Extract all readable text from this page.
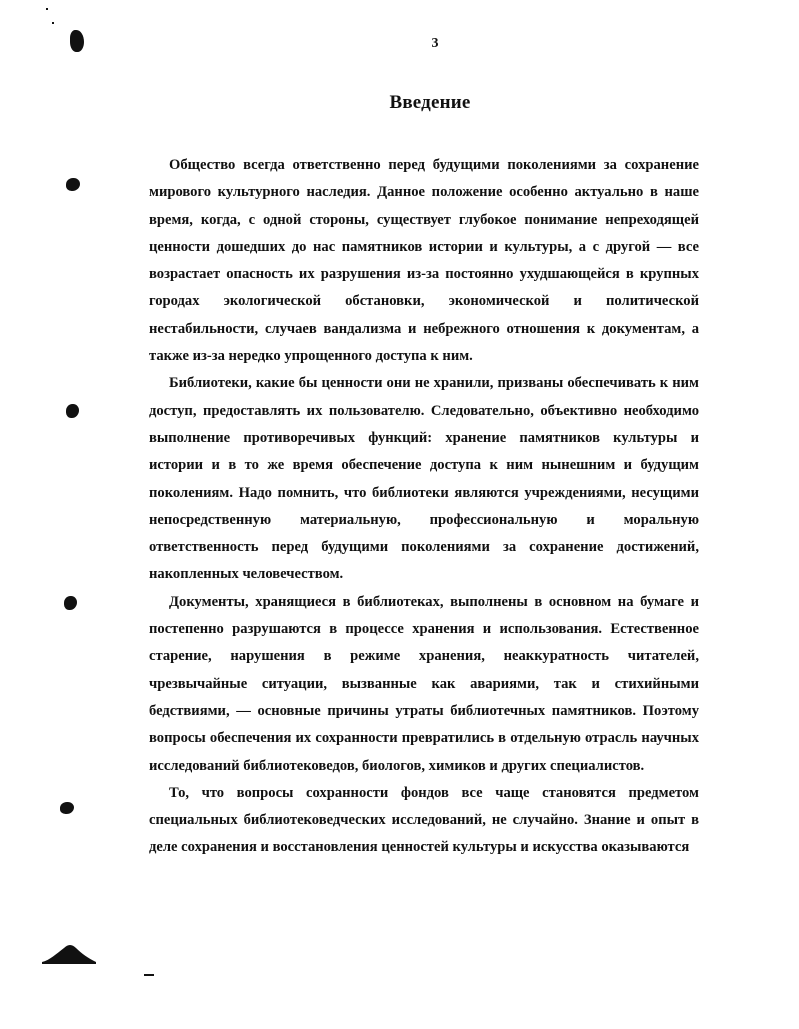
3
Введение

Общество всегда ответственно перед будущими поколениями за сохранение мирового культурного наследия. Данное положение особенно актуально в наше время, когда, с одной стороны, существует глубокое понимание непреходящей ценности дошедших до нас памятников истории и культуры, а с другой — все возрастает опасность их разрушения из-за постоянно ухудшающейся в крупных городах экологической обстановки, экономической и политической нестабильности, случаев вандализма и небрежного отношения к документам, а также из-за нередко упрощенного доступа к ним.

Библиотеки, какие бы ценности они не хранили, призваны обеспечивать к ним доступ, предоставлять их пользователю. Следовательно, объективно необходимо выполнение противоречивых функций: хранение памятников культуры и истории и в то же время обеспечение доступа к ним нынешним и будущим поколениям. Надо помнить, что библиотеки являются учреждениями, несущими непосредственную материальную, профессиональную и моральную ответственность перед будущими поколениями за сохранение достижений, накопленных человечеством.

Документы, хранящиеся в библиотеках, выполнены в основном на бумаге и постепенно разрушаются в процессе хранения и использования. Естественное старение, нарушения в режиме хранения, неаккуратность читателей, чрезвычайные ситуации, вызванные как авариями, так и стихийными бедствиями, — основные причины утраты библиотечных памятников. Поэтому вопросы обеспечения их сохранности превратились в отдельную отрасль научных исследований библиотековедов, биологов, химиков и других специалистов.

То, что вопросы сохранности фондов все чаще становятся предметом специальных библиотековедческих исследований, не случайно. Знание и опыт в деле сохранения и восстановления ценностей культуры и искусства оказываются
